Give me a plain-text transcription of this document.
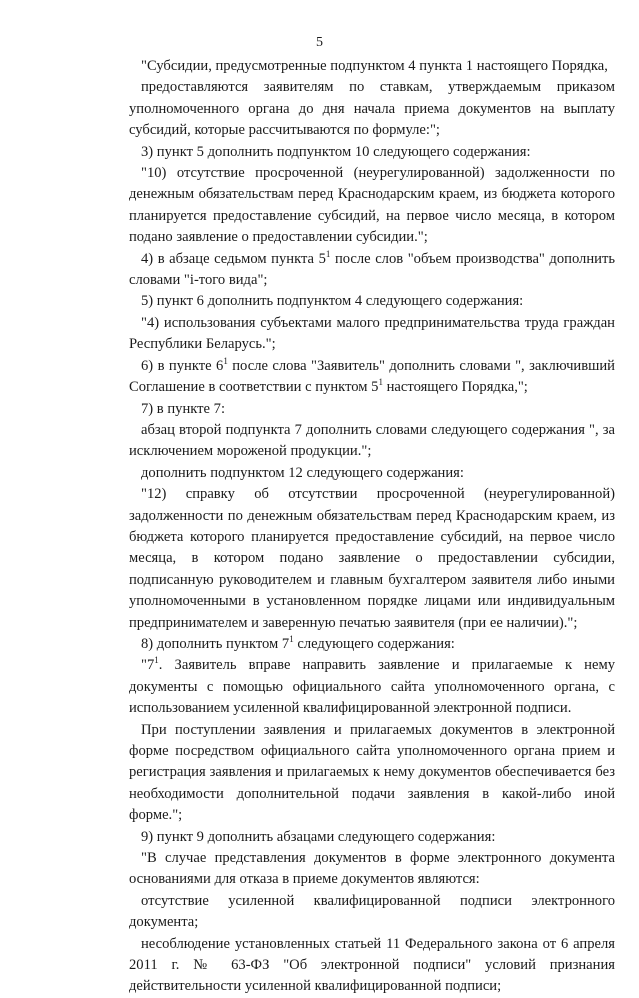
5

"Субсидии, предусмотренные подпунктом 4 пункта 1 настоящего Порядка,

предоставляются заявителям по ставкам, утверждаемым приказом уполномоченного органа до дня начала приема документов на выплату субсидий, которые рассчитываются по формуле:";

3) пункт 5 дополнить подпунктом 10 следующего содержания:

"10) отсутствие просроченной (неурегулированной) задолженности по денежным обязательствам перед Краснодарским краем, из бюджета которого планируется предоставление субсидий, на первое число месяца, в котором подано заявление о предоставлении субсидии.";

4) в абзаце седьмом пункта $5^1$ после слов "объем производства" дополнить словами "i-того вида";

5) пункт 6 дополнить подпунктом 4 следующего содержания:

"4) использования субъектами малого предпринимательства труда граждан Республики Беларусь.";

6) в пункте $6^1$ после слова "Заявитель" дополнить словами ", заключивший Соглашение в соответствии с пунктом $5^1$ настоящего Порядка,";

7) в пункте 7:

абзац второй подпункта 7 дополнить словами следующего содержания ", за исключением мороженой продукции.";

дополнить подпунктом 12 следующего содержания:

"12) справку об отсутствии просроченной (неурегулированной) задолженности по денежным обязательствам перед Краснодарским краем, из бюджета которого планируется предоставление субсидий, на первое число месяца, в котором подано заявление о предоставлении субсидии, подписанную руководителем и главным бухгалтером заявителя либо иными уполномоченными в установленном порядке лицами или индивидуальным предпринимателем и заверенную печатью заявителя (при ее наличии).";

8) дополнить пунктом $7^1$ следующего содержания:

"$7^1$. Заявитель вправе направить заявление и прилагаемые к нему документы с помощью официального сайта уполномоченного органа, с использованием усиленной квалифицированной электронной подписи.

При поступлении заявления и прилагаемых документов в электронной форме посредством официального сайта уполномоченного органа прием и регистрация заявления и прилагаемых к нему документов обеспечивается без необходимости дополнительной подачи заявления в какой-либо иной форме.";

9) пункт 9 дополнить абзацами следующего содержания:

"В случае представления документов в форме электронного документа основаниями для отказа в приеме документов являются:

отсутствие усиленной квалифицированной подписи электронного документа;

несоблюдение установленных статьей 11 Федерального закона от 6 апреля 2011 г. № 63-ФЗ "Об электронной подписи" условий признания действительности усиленной квалифицированной подписи;
